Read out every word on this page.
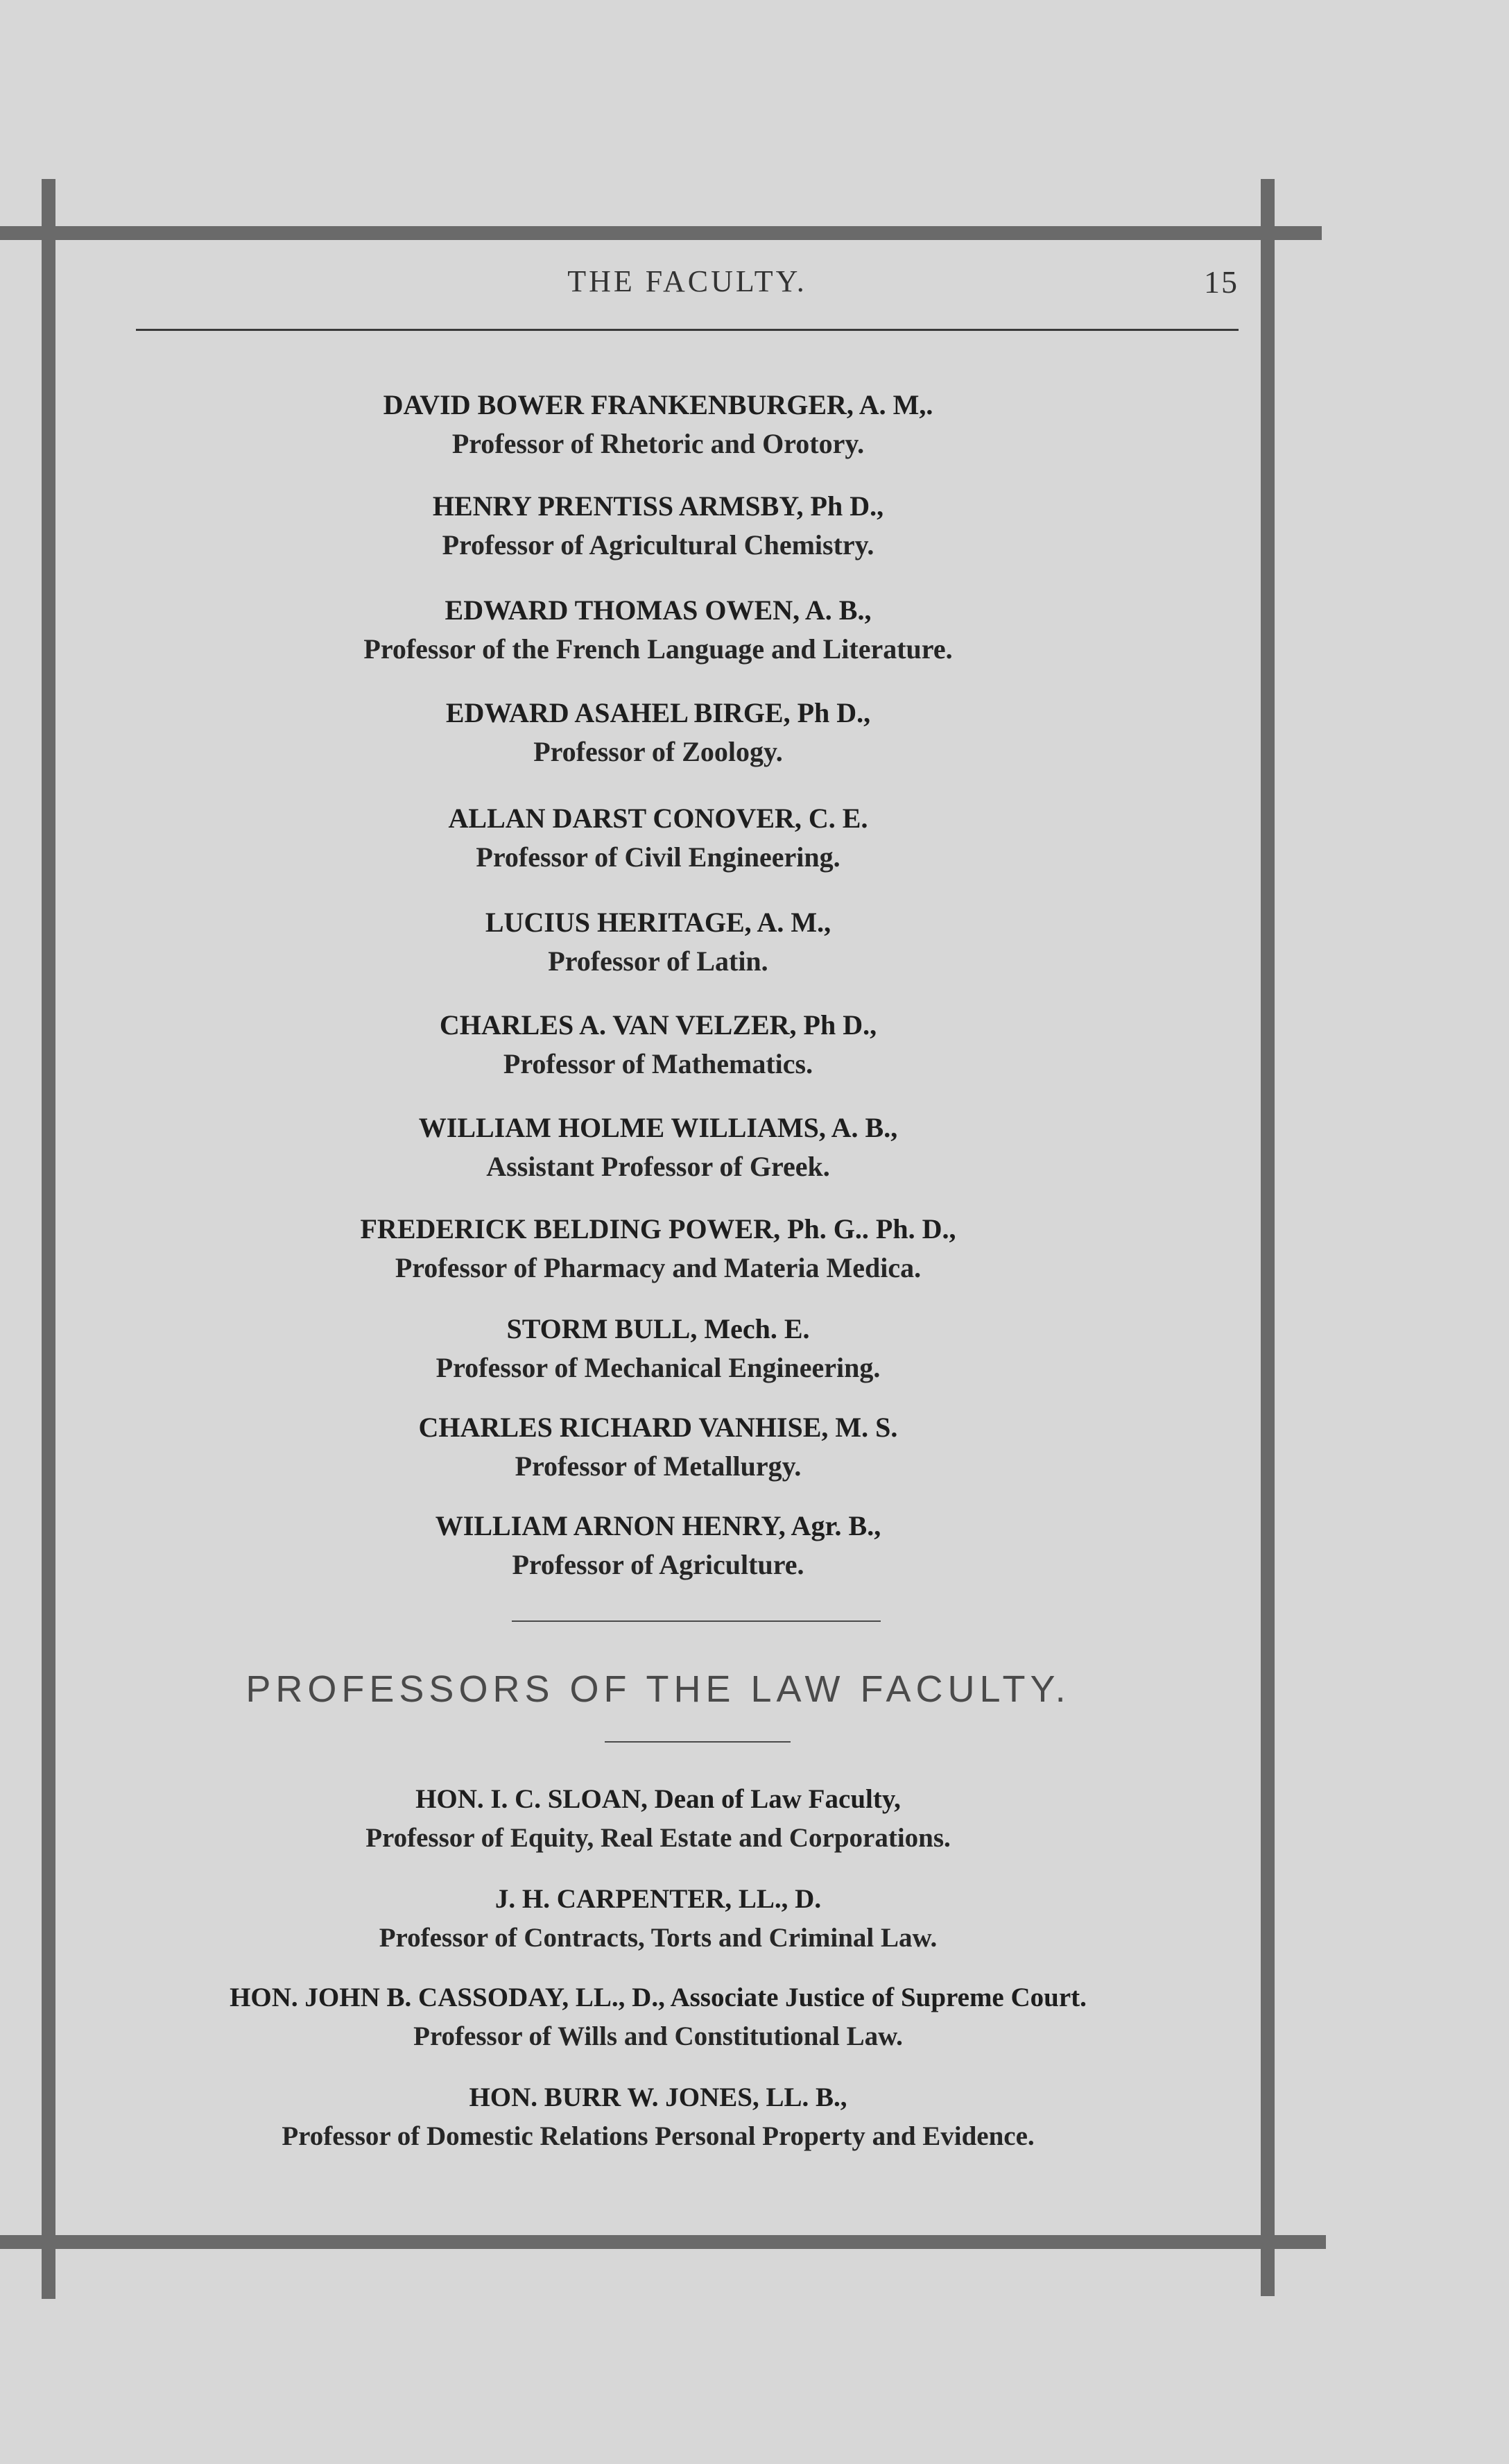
THE FACULTY.	15
DAVID BOWER FRANKENBURGER, A. M,.
Professor of Rhetoric and Orotory.
HENRY PRENTISS ARMSBY, Ph D.,
Professor of Agricultural Chemistry.
EDWARD THOMAS OWEN, A. B.,
Professor of the French Language and Literature.
EDWARD ASAHEL BIRGE, Ph D.,
Professor of Zoology.
ALLAN DARST CONOVER, C. E.
Professor of Civil Engineering.
LUCIUS HERITAGE, A. M.,
Professor of Latin.
CHARLES A. VAN VELZER, Ph D.,
Professor of Mathematics.
WILLIAM HOLME WILLIAMS, A. B.,
Assistant Professor of Greek.
FREDERICK BELDING POWER, Ph. G.. Ph. D.,
Professor of Pharmacy and Materia Medica.
STORM BULL, Mech. E.
Professor of Mechanical Engineering.
CHARLES RICHARD VANHISE, M. S.
Professor of Metallurgy.
WILLIAM ARNON HENRY, Agr. B.,
Professor of Agriculture.
PROFESSORS OF THE LAW FACULTY.
HON. I. C. SLOAN, Dean of Law Faculty,
Professor of Equity, Real Estate and Corporations.
J. H. CARPENTER, LL., D.
Professor of Contracts, Torts and Criminal Law.
HON. JOHN B. CASSODAY, LL., D., Associate Justice of Supreme Court.
Professor of Wills and Constitutional Law.
HON. BURR W. JONES, LL. B.,
Professor of Domestic Relations Personal Property and Evidence.
